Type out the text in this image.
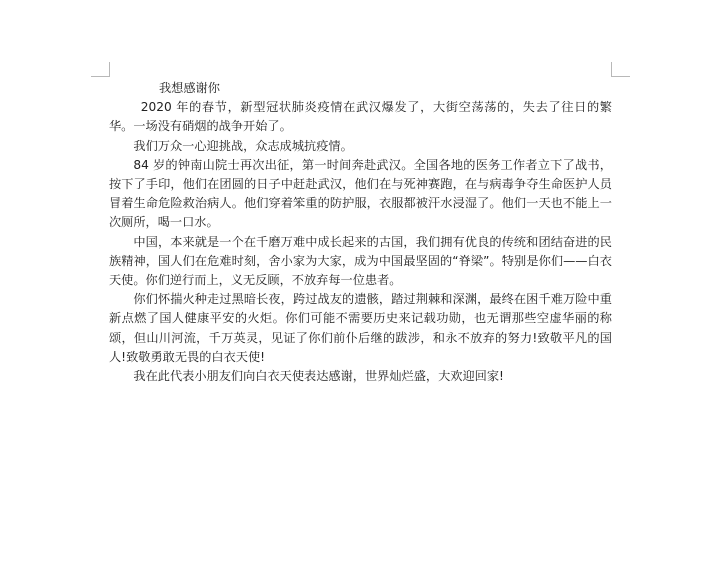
我想感谢你

2020 年的春节，新型冠状肺炎疫情在武汉爆发了，大街空荡荡的，失去了往日的繁华。一场没有硝烟的战争开始了。

我们万众一心迎挑战，众志成城抗疫情。

84 岁的钟南山院士再次出征，第一时间奔赴武汉。全国各地的医务工作者立下了战书，按下了手印，他们在团圆的日子中赶赴武汉，他们在与死神赛跑，在与病毒争夺生命医护人员冒着生命危险救治病人。他们穿着笨重的防护服，衣服都被汗水浸湿了。他们一天也不能上一次厕所，喝一口水。

中国，本来就是一个在千磨万难中成长起来的古国，我们拥有优良的传统和团结奋进的民族精神，国人们在危难时刻，舍小家为大家，成为中国最坚固的“脊梁”。特别是你们——白衣天使。你们逆行而上，义无反顾，不放弃每一位患者。

你们怀揣火种走过黑暗长夜，跨过战友的遗骸，踏过荆棘和深渊，最终在困千难万险中重新点燃了国人健康平安的火炬。你们可能不需要历史来记载功勋，也无谓那些空虚华丽的称颂，但山川河流，千万英灵，见证了你们前仆后继的跋涉，和永不放弃的努力!致敬平凡的国人!致敬勇敢无畏的白衣天使!

我在此代表小朋友们向白衣天使表达感谢，世界灿烂盛，大欢迎回家!
